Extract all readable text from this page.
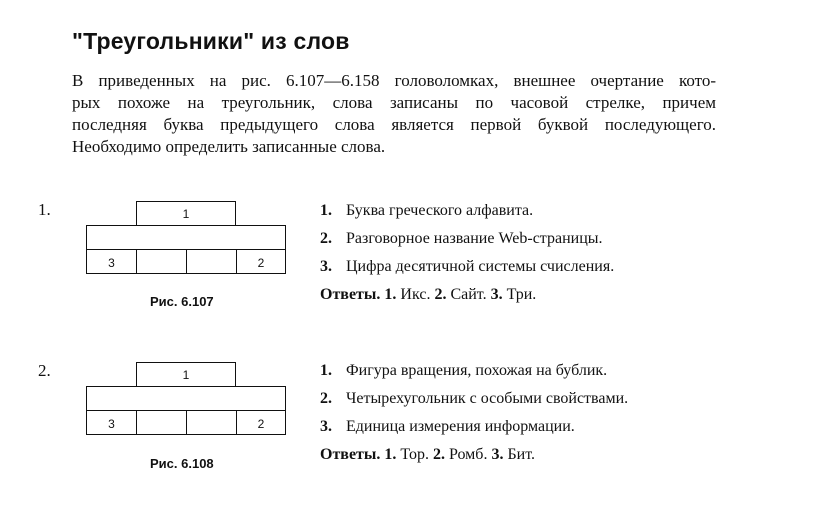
"Треугольники" из слов
В приведенных на рис. 6.107—6.158 головоломках, внешнее очертание кото-
рых похоже на треугольник, слова записаны по часовой стрелке, причем
последняя буква предыдущего слова является первой буквой последующего.
Необходимо определить записанные слова.
1.	1
3	2
Рис. 6.107
1. Буква греческого алфавита.
2. Разговорное название Web-страницы.
3. Цифра десятичной системы счисления.
Ответы. 1. Икс. 2. Сайт. 3. Три.
2.	1
3	2
Рис. 6.108
1. Фигура вращения, похожая на бублик.
2. Четырехугольник с особыми свойствами.
3. Единица измерения информации.
Ответы. 1. Тор. 2. Ромб. 3. Бит.
